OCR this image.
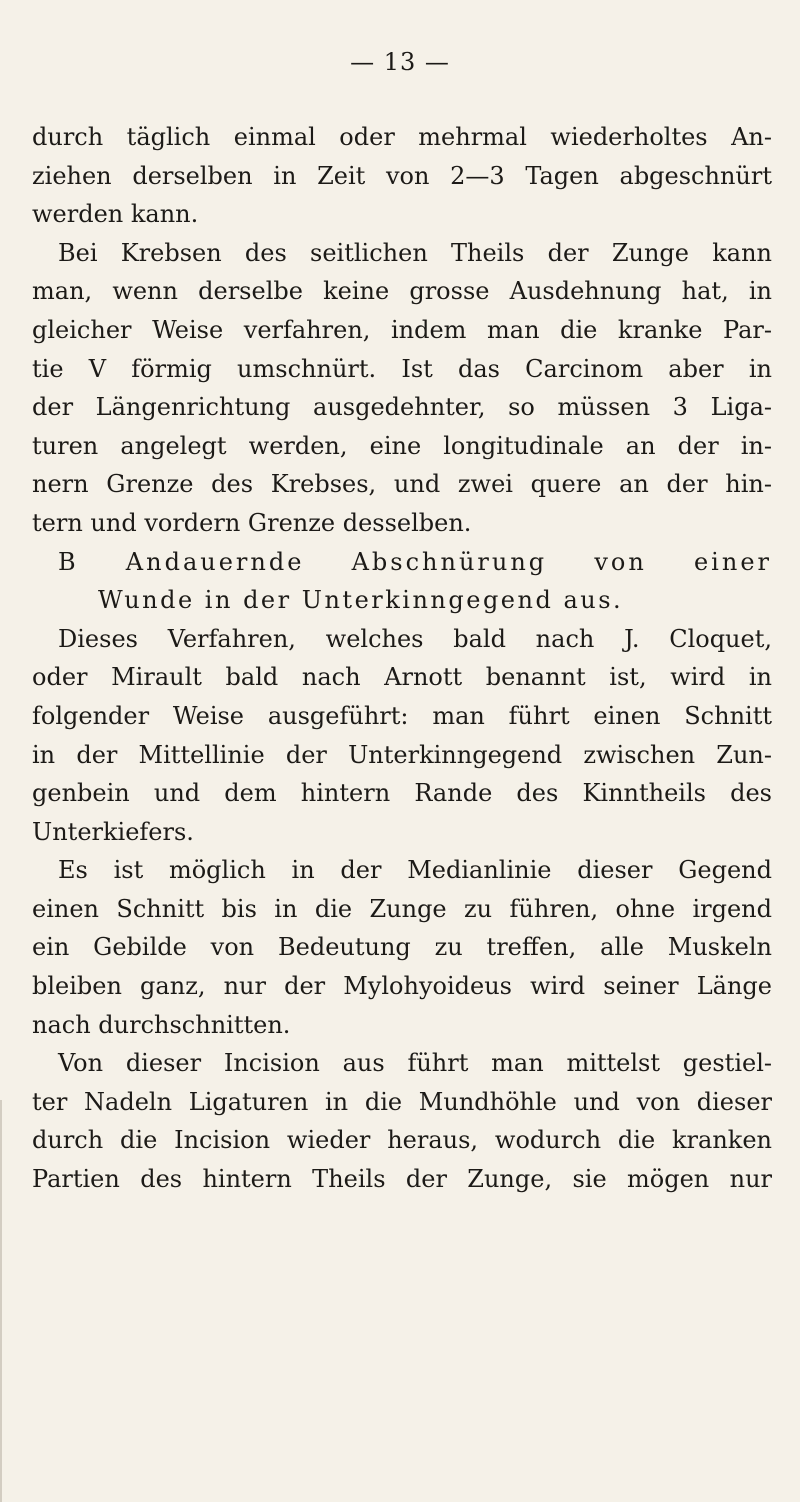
— 13 —
durch täglich einmal oder mehrmal wiederholtes An-
ziehen derselben in Zeit von 2—3 Tagen abgeschnürt
werden kann.
Bei Krebsen des seitlichen Theils der Zunge kann
man, wenn derselbe keine grosse Ausdehnung hat, in
gleicher Weise verfahren, indem man die kranke Par-
tie V förmig umschnürt. Ist das Carcinom aber in
der Längenrichtung ausgedehnter, so müssen 3 Liga-
turen angelegt werden, eine longitudinale an der in-
nern Grenze des Krebses, und zwei quere an der hin-
tern und vordern Grenze desselben.
B Andauernde Abschnürung von einer
Wunde in der Unterkinngegend aus.
Dieses Verfahren, welches bald nach J. Cloquet,
oder Mirault bald nach Arnott benannt ist, wird in
folgender Weise ausgeführt: man führt einen Schnitt
in der Mittellinie der Unterkinngegend zwischen Zun-
genbein und dem hintern Rande des Kinntheils des
Unterkiefers.
Es ist möglich in der Medianlinie dieser Gegend
einen Schnitt bis in die Zunge zu führen, ohne irgend
ein Gebilde von Bedeutung zu treffen, alle Muskeln
bleiben ganz, nur der Mylohyoideus wird seiner Länge
nach durchschnitten.
Von dieser Incision aus führt man mittelst gestiel-
ter Nadeln Ligaturen in die Mundhöhle und von dieser
durch die Incision wieder heraus, wodurch die kranken
Partien des hintern Theils der Zunge, sie mögen nur
